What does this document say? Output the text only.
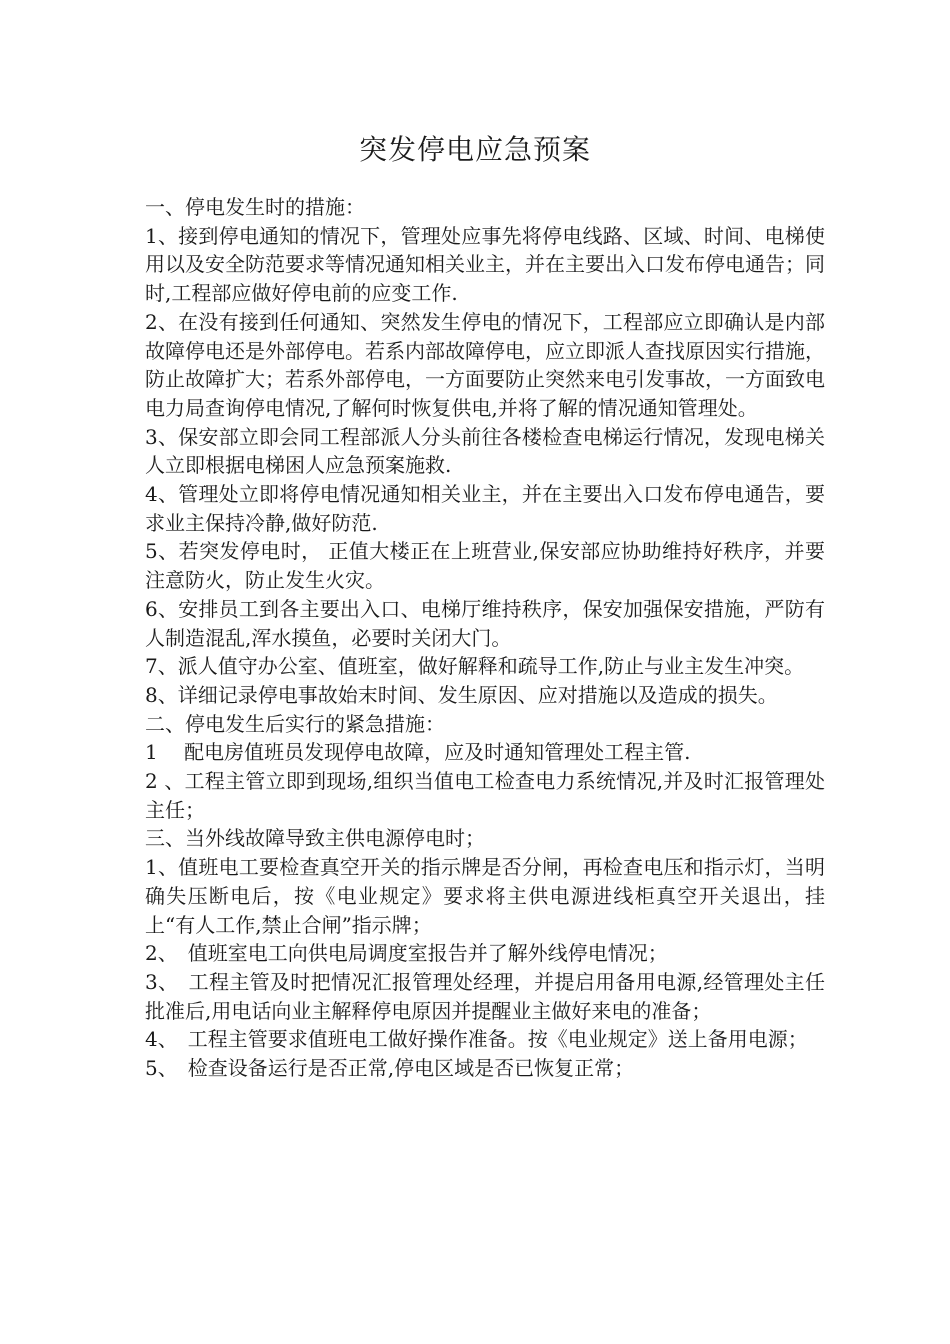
突发停电应急预案

一、停电发生时的措施：

1、接到停电通知的情况下，管理处应事先将停电线路、区域、时间、电梯使用以及安全防范要求等情况通知相关业主，并在主要出入口发布停电通告；同时,工程部应做好停电前的应变工作.

2、在没有接到任何通知、突然发生停电的情况下，工程部应立即确认是内部故障停电还是外部停电。若系内部故障停电，应立即派人查找原因实行措施，防止故障扩大；若系外部停电，一方面要防止突然来电引发事故，一方面致电电力局查询停电情况,了解何时恢复供电,并将了解的情况通知管理处。

3、保安部立即会同工程部派人分头前往各楼检查电梯运行情况，发现电梯关人立即根据电梯困人应急预案施救.

4、管理处立即将停电情况通知相关业主，并在主要出入口发布停电通告，要求业主保持冷静,做好防范.

5、若突发停电时， 正值大楼正在上班营业,保安部应协助维持好秩序，并要注意防火，防止发生火灾。

6、安排员工到各主要出入口、电梯厅维持秩序，保安加强保安措施，严防有人制造混乱,浑水摸鱼，必要时关闭大门。

7、派人值守办公室、值班室，做好解释和疏导工作,防止与业主发生冲突。

8、详细记录停电事故始末时间、发生原因、应对措施以及造成的损失。

二、停电发生后实行的紧急措施：

1　 配电房值班员发现停电故障，应及时通知管理处工程主管.

2 、工程主管立即到现场,组织当值电工检查电力系统情况,并及时汇报管理处主任；

三、当外线故障导致主供电源停电时；

1、值班电工要检查真空开关的指示牌是否分闸，再检查电压和指示灯，当明确失压断电后，按《电业规定》要求将主供电源进线柜真空开关退出，挂上“有人工作,禁止合闸”指示牌；

2、　值班室电工向供电局调度室报告并了解外线停电情况；

3、　工程主管及时把情况汇报管理处经理，并提启用备用电源,经管理处主任批准后,用电话向业主解释停电原因并提醒业主做好来电的准备；

4、　工程主管要求值班电工做好操作准备。按《电业规定》送上备用电源；

5、　检查设备运行是否正常,停电区域是否已恢复正常；
